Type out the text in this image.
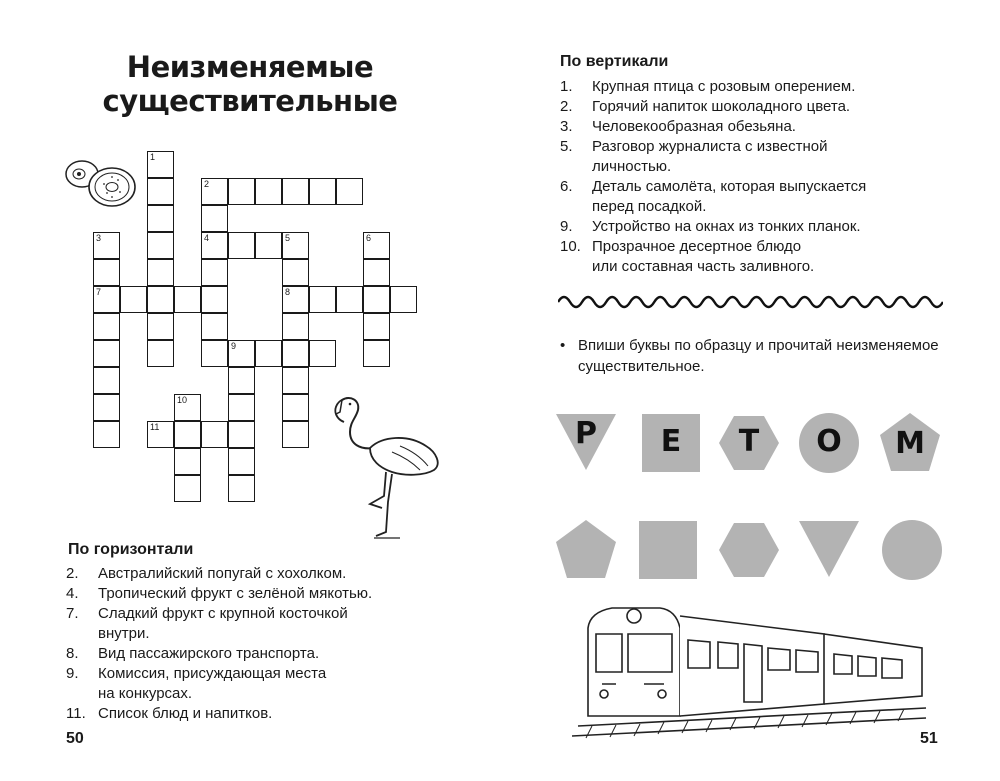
Неизменяемые
существительные
1
2
4
3
7
5
8
6
9
10
11
По горизонтали
2. Австралийский попугай с хохолком.
4. Тропический фрукт с зелёной мякотью.
7. Сладкий фрукт с крупной косточкой
внутри.
8. Вид пассажирского транспорта.
9. Комиссия, присуждающая места
на конкурсах.
11. Список блюд и напитков.
50
По вертикали
1. Крупная птица с розовым оперением.
2. Горячий напиток шоколадного цвета.
3. Человекообразная обезьяна.
5. Разговор журналиста с известной
личностью.
6. Деталь самолёта, которая выпускается
перед посадкой.
9. Устройство на окнах из тонких планок.
10. Прозрачное десертное блюдо
или составная часть заливного.
51
• Впиши буквы по образцу и прочитай неизменяемое существительное.
Р	Е	Т	О	М
